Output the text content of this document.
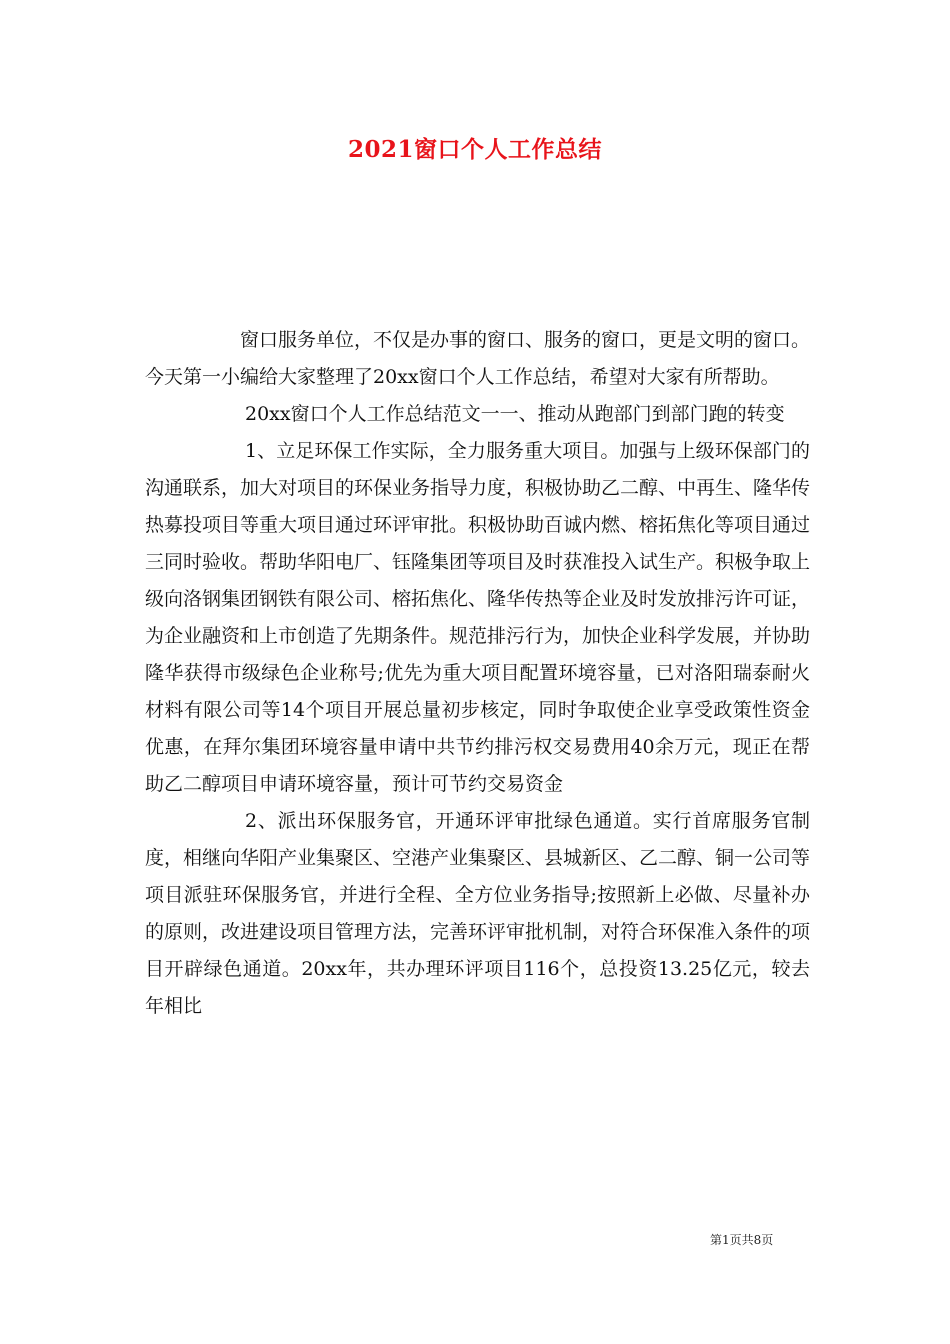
2021窗口个人工作总结

窗口服务单位，不仅是办事的窗口、服务的窗口，更是文明的窗口。今天第一小编给大家整理了20xx窗口个人工作总结，希望对大家有所帮助。

20xx窗口个人工作总结范文一一、推动从跑部门到部门跑的转变

1、立足环保工作实际，全力服务重大项目。加强与上级环保部门的沟通联系，加大对项目的环保业务指导力度，积极协助乙二醇、中再生、隆华传热募投项目等重大项目通过环评审批。积极协助百诚内燃、榕拓焦化等项目通过三同时验收。帮助华阳电厂、钰隆集团等项目及时获准投入试生产。积极争取上级向洛钢集团钢铁有限公司、榕拓焦化、隆华传热等企业及时发放排污许可证，为企业融资和上市创造了先期条件。规范排污行为，加快企业科学发展，并协助隆华获得市级绿色企业称号;优先为重大项目配置环境容量，已对洛阳瑞泰耐火材料有限公司等14个项目开展总量初步核定，同时争取使企业享受政策性资金优惠，在拜尔集团环境容量申请中共节约排污权交易费用40余万元，现正在帮助乙二醇项目申请环境容量，预计可节约交易资金

2、派出环保服务官，开通环评审批绿色通道。实行首席服务官制度，相继向华阳产业集聚区、空港产业集聚区、县城新区、乙二醇、铜一公司等项目派驻环保服务官，并进行全程、全方位业务指导;按照新上必做、尽量补办的原则，改进建设项目管理方法，完善环评审批机制，对符合环保准入条件的项目开辟绿色通道。20xx年，共办理环评项目116个，总投资13.25亿元，较去年相比

第1页共8页
